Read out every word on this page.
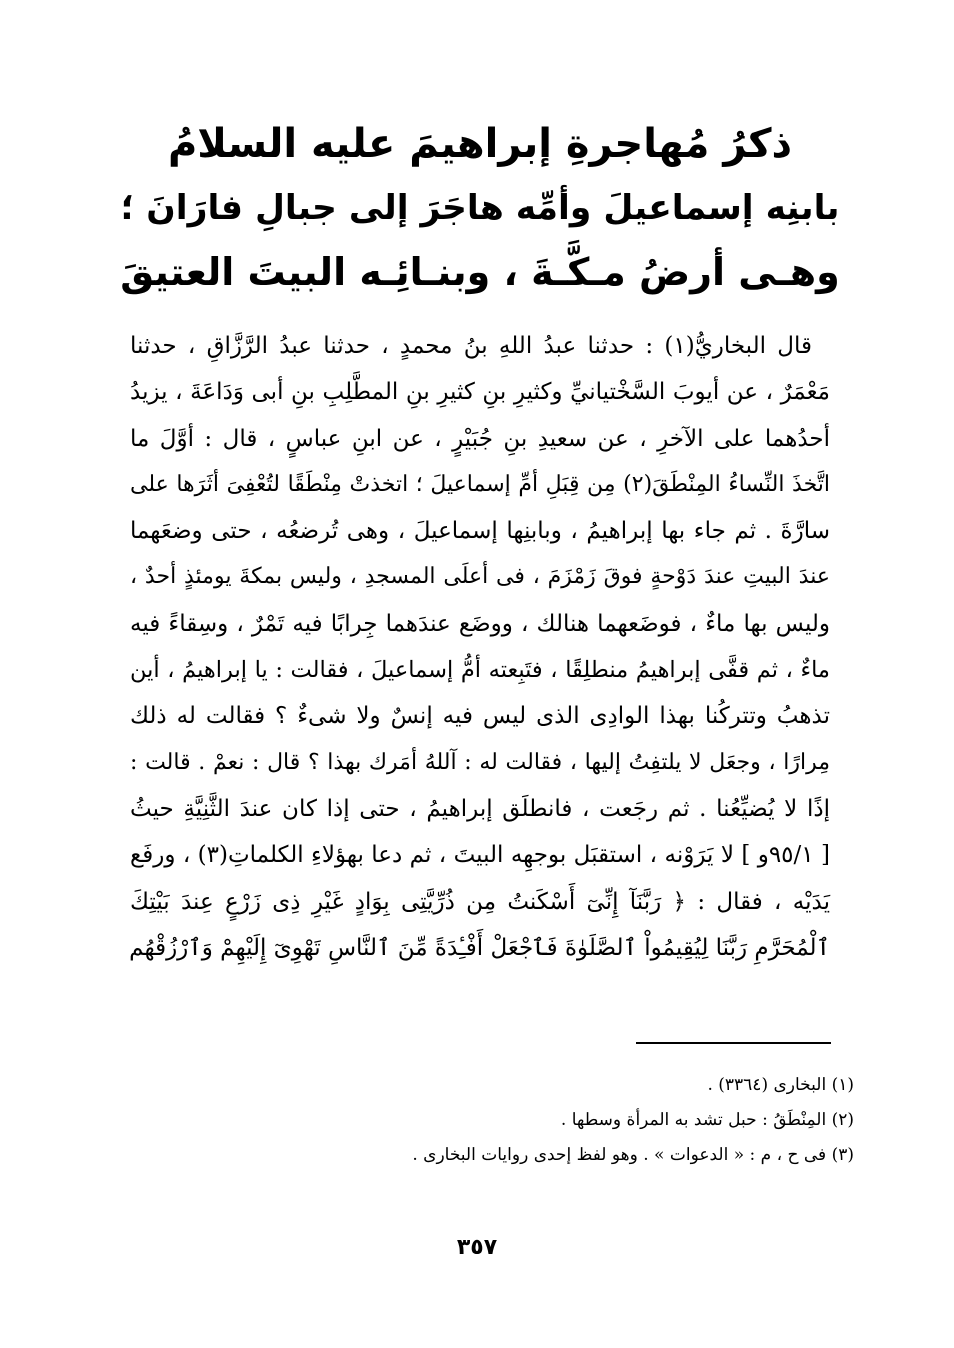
ذكرُ مُهاجرةِ إبراهيمَ عليه السلامُ
بابنِه إسماعيلَ وأمِّه هاجَرَ إلى جبالِ فارَانَ ؛
وهـى أرضُ مـكَّـةَ ، وبنـائِـه البيتَ العتيقَ
قال البخاريُّ(١) : حدثنا عبدُ اللهِ بنُ محمدٍ ، حدثنا عبدُ الرَّزَّاقِ ، حدثنا
مَعْمَرٌ ، عن أيوبَ السَّخْتيانيِّ وكثيرِ بنِ كثيرِ بنِ المطَّلِبِ بنِ أبى وَدَاعَةَ ، يزيدُ
أحدُهما على الآخرِ ، عن سعيدِ بنِ جُبَيْرٍ ، عن ابنِ عباسٍ ، قال : أوَّلَ ما
اتَّخذَ النِّساءُ المِنْطَقَ(٢) مِن قِبَلِ أمِّ إسماعيلَ ؛ اتخذتْ مِنْطَقًا لتُعْفِىَ أثَرَها على
سارَّةَ . ثم جاء بها إبراهيمُ ، وبابنِها إسماعيلَ ، وهى تُرضعُه ، حتى وضعَهما
عندَ البيتِ عندَ دَوْحةٍ فوقَ زَمْزَمَ ، فى أعلَى المسجدِ ، وليس بمكةَ يومئذٍ أحدٌ ،
وليس بها ماءٌ ، فوضَعهما هنالك ، ووضَع عندَهما جِرابًا فيه تَمْرٌ ، وسِقاءً فيه
ماءٌ ، ثم قفَّى إبراهيمُ منطلِقًا ، فتَبِعته أمُّ إسماعيلَ ، فقالت : يا إبراهيمُ ، أين
تذهبُ وتتركُنا بهذا الوادِى الذى ليس فيه إنسٌ ولا شىءٌ ؟ فقالت له ذلك
مِرارًا ، وجعَل لا يلتفِتُ إليها ، فقالت له : آللهُ أمَرك بهذا ؟ قال : نعمْ . قالت :
إذًا لا يُضيِّعُنا . ثم رجَعت ، فانطلَق إبراهيمُ ، حتى إذا كان عندَ الثَّنِيَّةِ حيثُ
[ ٩٥/١و ] لا يَرَوْنه ، استقبَل بوجهِه البيتَ ، ثم دعا بهؤلاءِ الكلماتِ(٣) ، ورفَع
يَدَيْه ، فقال : ﴿ رَبَّنَآ إِنِّىٓ أَسْكَنتُ مِن ذُرِّيَّتِى بِوَادٍ غَيْرِ ذِى زَرْعٍ عِندَ بَيْتِكَ
ٱلْمُحَرَّمِ رَبَّنَا لِيُقِيمُواْ ٱلصَّلَوٰةَ فَٱجْعَلْ أَفْـِٔدَةً مِّنَ ٱلنَّاسِ تَهْوِىٓ إِلَيْهِمْ وَٱرْزُقْهُم
(١) البخارى (٣٣٦٤) .
(٢) المِنْطَقُ : حبل تشد به المرأة وسطها .
(٣) فى ح ، م : « الدعوات » . وهو لفظ إحدى روايات البخارى .
٣٥٧
